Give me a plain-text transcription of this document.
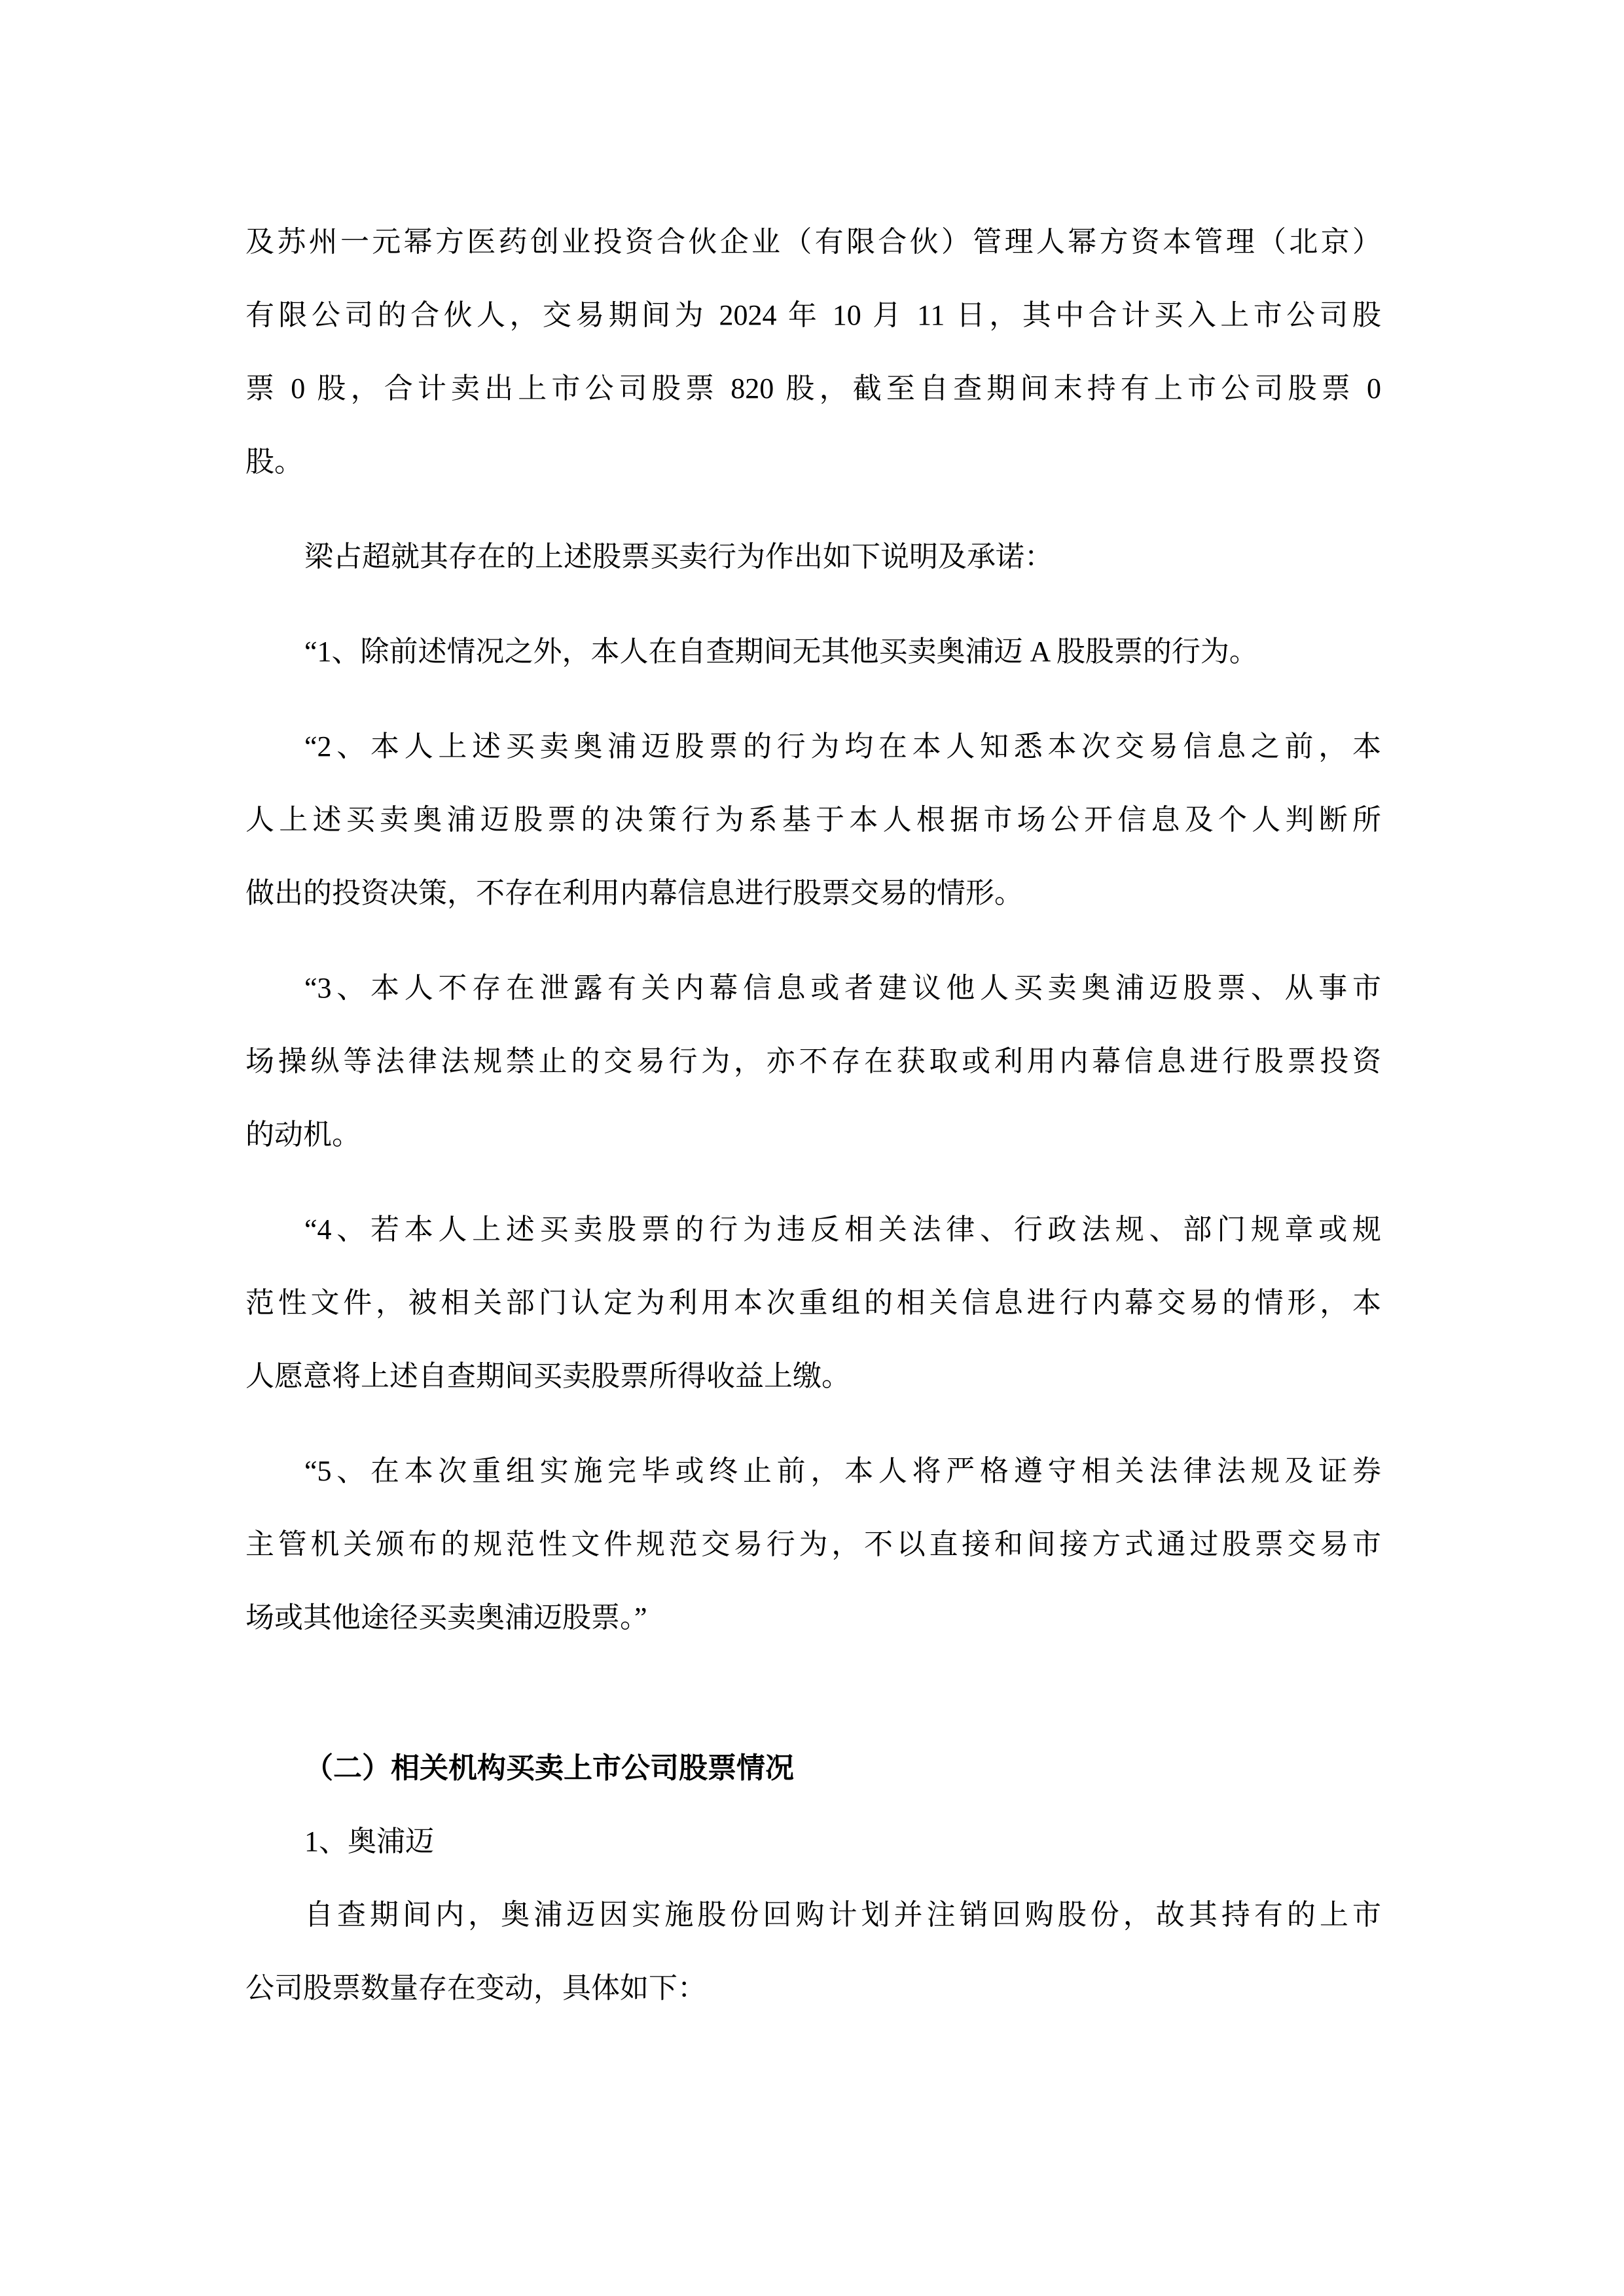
及苏州一元幂方医药创业投资合伙企业（有限合伙）管理人幂方资本管理（北京）
有限公司的合伙人，交易期间为 2024 年 10 月 11 日，其中合计买入上市公司股
票 0 股，合计卖出上市公司股票 820 股，截至自查期间末持有上市公司股票 0
股。
梁占超就其存在的上述股票买卖行为作出如下说明及承诺：
“1、除前述情况之外，本人在自查期间无其他买卖奥浦迈 A 股股票的行为。
“2、本人上述买卖奥浦迈股票的行为均在本人知悉本次交易信息之前，本
人上述买卖奥浦迈股票的决策行为系基于本人根据市场公开信息及个人判断所
做出的投资决策，不存在利用内幕信息进行股票交易的情形。
“3、本人不存在泄露有关内幕信息或者建议他人买卖奥浦迈股票、从事市
场操纵等法律法规禁止的交易行为，亦不存在获取或利用内幕信息进行股票投资
的动机。
“4、若本人上述买卖股票的行为违反相关法律、行政法规、部门规章或规
范性文件，被相关部门认定为利用本次重组的相关信息进行内幕交易的情形，本
人愿意将上述自查期间买卖股票所得收益上缴。
“5、在本次重组实施完毕或终止前，本人将严格遵守相关法律法规及证券
主管机关颁布的规范性文件规范交易行为，不以直接和间接方式通过股票交易市
场或其他途径买卖奥浦迈股票。”
（二）相关机构买卖上市公司股票情况
1、奥浦迈
自查期间内，奥浦迈因实施股份回购计划并注销回购股份，故其持有的上市
公司股票数量存在变动，具体如下：
